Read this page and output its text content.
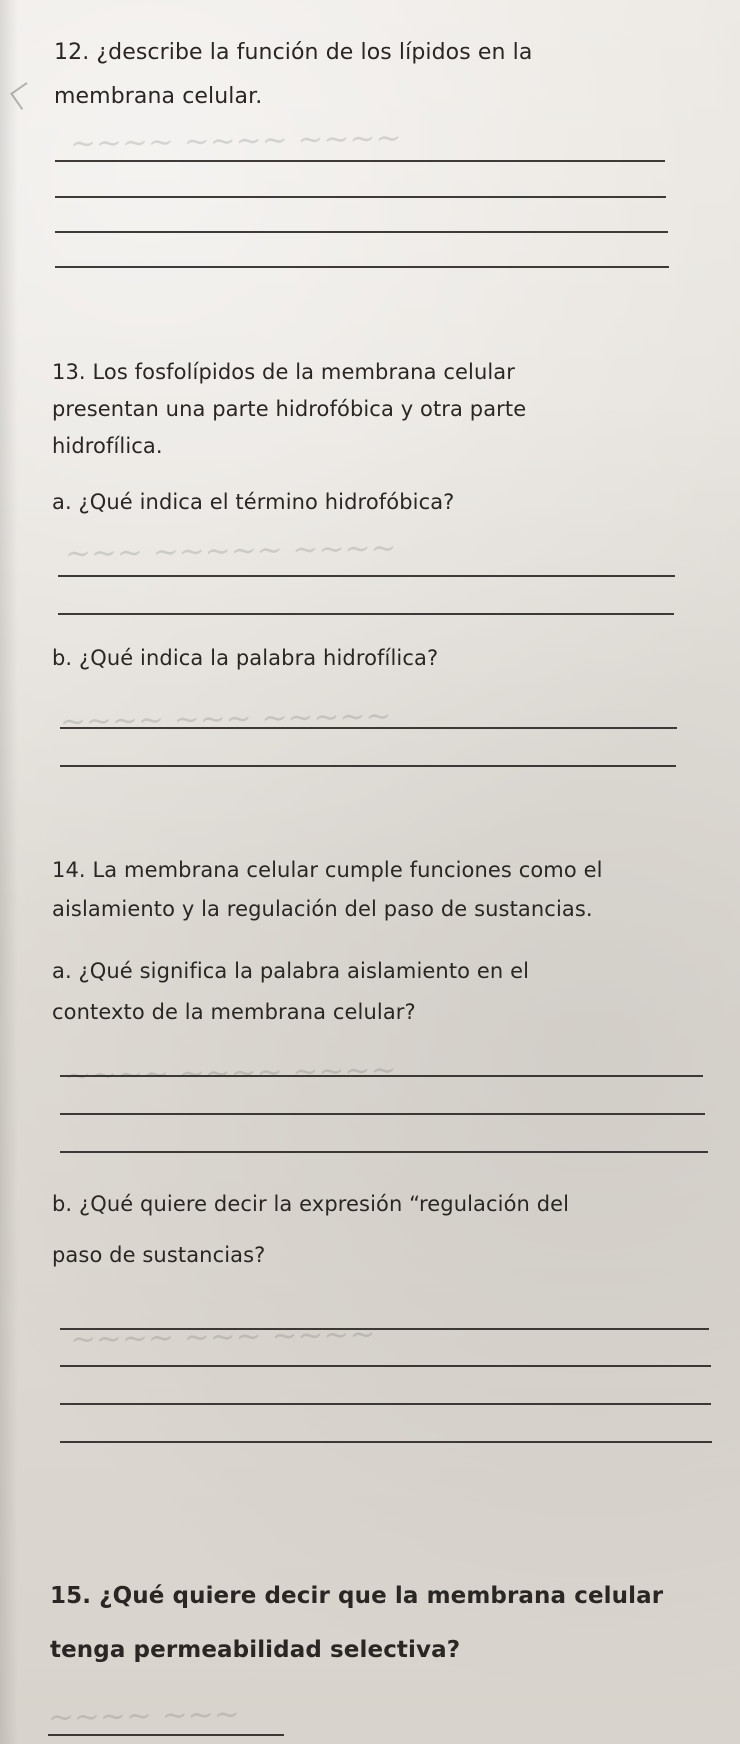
~~~~ ~~~~ ~~~~
~~~ ~~~~~ ~~~~
~~~~ ~~~ ~~~~~
~~~~ ~~~~ ~~~~
~~~~ ~~~ ~~~~
~~~~ ~~~

12. ¿describe la función de los lípidos en la

membrana celular.

13. Los fosfolípidos de la membrana celular

presentan una parte hidrofóbica y otra parte

hidrofílica.

a. ¿Qué indica el término hidrofóbica?

b. ¿Qué indica la palabra hidrofílica?

14. La membrana celular cumple funciones como el

aislamiento y la regulación del paso de sustancias.

a. ¿Qué significa la palabra aislamiento en el

contexto de la membrana celular?

b. ¿Qué quiere decir la expresión “regulación del

paso de sustancias?

15. ¿Qué quiere decir que la membrana celular

tenga permeabilidad selectiva?
